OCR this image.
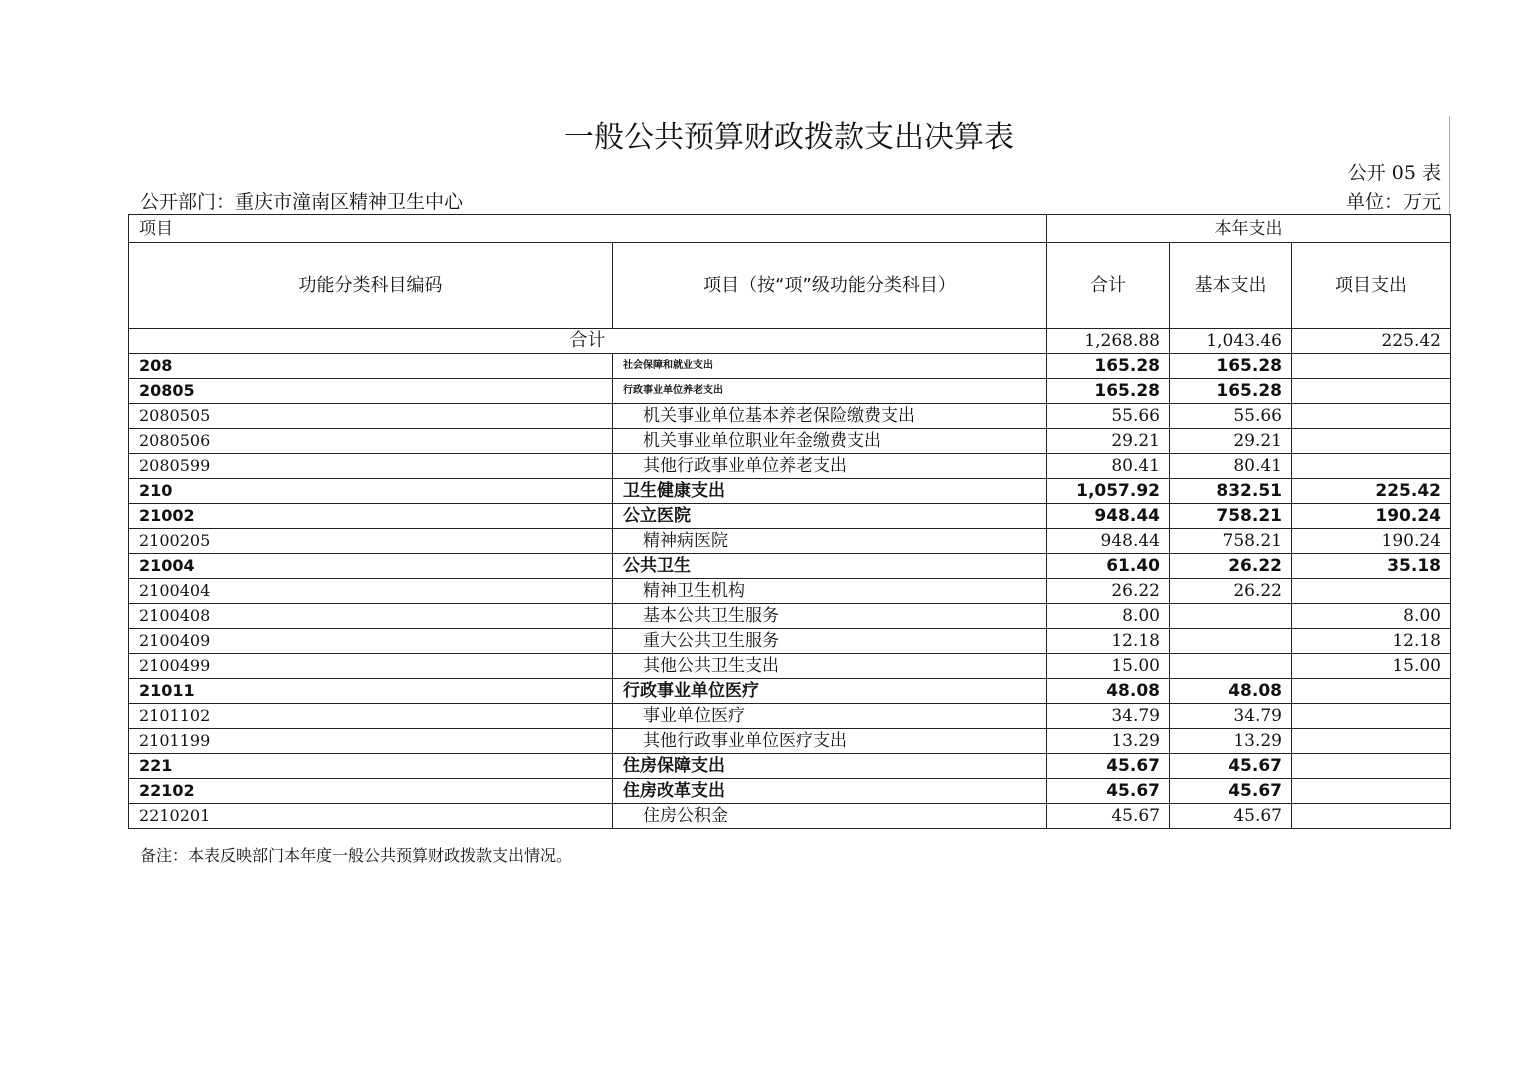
一般公共预算财政拨款支出决算表
公开 05 表
公开部门：重庆市潼南区精神卫生中心	单位：万元
项目		本年支出		
功能分类科目编码	项目（按“项”级功能分类科目）	合计	基本支出	项目支出
合计		1,268.88	1,043.46	225.42
208	社会保障和就业支出	165.28	165.28	
20805	行政事业单位养老支出	165.28	165.28	
2080505	机关事业单位基本养老保险缴费支出	55.66	55.66	
2080506	机关事业单位职业年金缴费支出	29.21	29.21	
2080599	其他行政事业单位养老支出	80.41	80.41	
210	卫生健康支出	1,057.92	832.51	225.42
21002	公立医院	948.44	758.21	190.24
2100205	精神病医院	948.44	758.21	190.24
21004	公共卫生	61.40	26.22	35.18
2100404	精神卫生机构	26.22	26.22	
2100408	基本公共卫生服务	8.00		8.00
2100409	重大公共卫生服务	12.18		12.18
2100499	其他公共卫生支出	15.00		15.00
21011	行政事业单位医疗	48.08	48.08	
2101102	事业单位医疗	34.79	34.79	
2101199	其他行政事业单位医疗支出	13.29	13.29	
221	住房保障支出	45.67	45.67	
22102	住房改革支出	45.67	45.67	
2210201	住房公积金	45.67	45.67	
备注：本表反映部门本年度一般公共预算财政拨款支出情况。
